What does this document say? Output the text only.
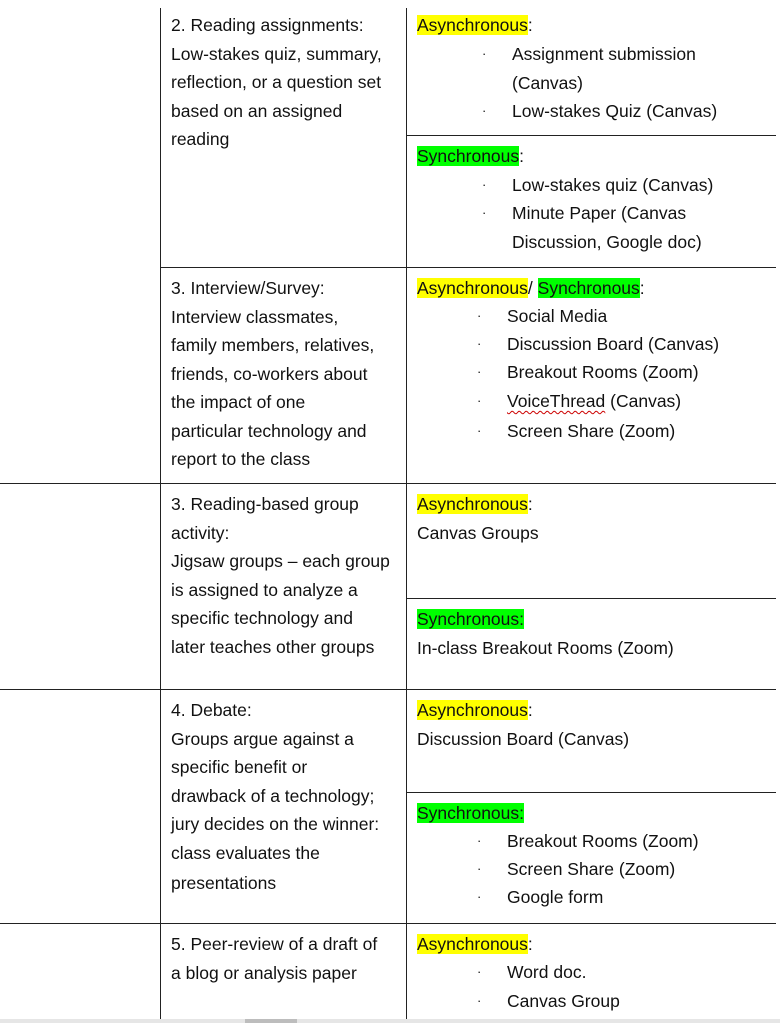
2. Reading assignments:
Low-stakes quiz, summary,
reflection, or a question set
based on an assigned
reading
Asynchronous:
· Assignment submission
(Canvas)
· Low-stakes Quiz (Canvas)
Synchronous:
· Low-stakes quiz (Canvas)
· Minute Paper (Canvas
Discussion, Google doc)
3. Interview/Survey:
Interview classmates,
family members, relatives,
friends, co-workers about
the impact of one
particular technology and
report to the class
Asynchronous/ Synchronous:
· Social Media
· Discussion Board (Canvas)
· Breakout Rooms (Zoom)
· VoiceThread (Canvas)
· Screen Share (Zoom)
3. Reading-based group
activity:
Jigsaw groups – each group
is assigned to analyze a
specific technology and
later teaches other groups
Asynchronous:
Canvas Groups
Synchronous:
In-class Breakout Rooms (Zoom)
4. Debate:
Groups argue against a
specific benefit or
drawback of a technology;
jury decides on the winner:
class evaluates the
presentations
Asynchronous:
Discussion Board (Canvas)
Synchronous:
· Breakout Rooms (Zoom)
· Screen Share (Zoom)
· Google form
5. Peer-review of a draft of
a blog or analysis paper
Asynchronous:
· Word doc.
· Canvas Group
